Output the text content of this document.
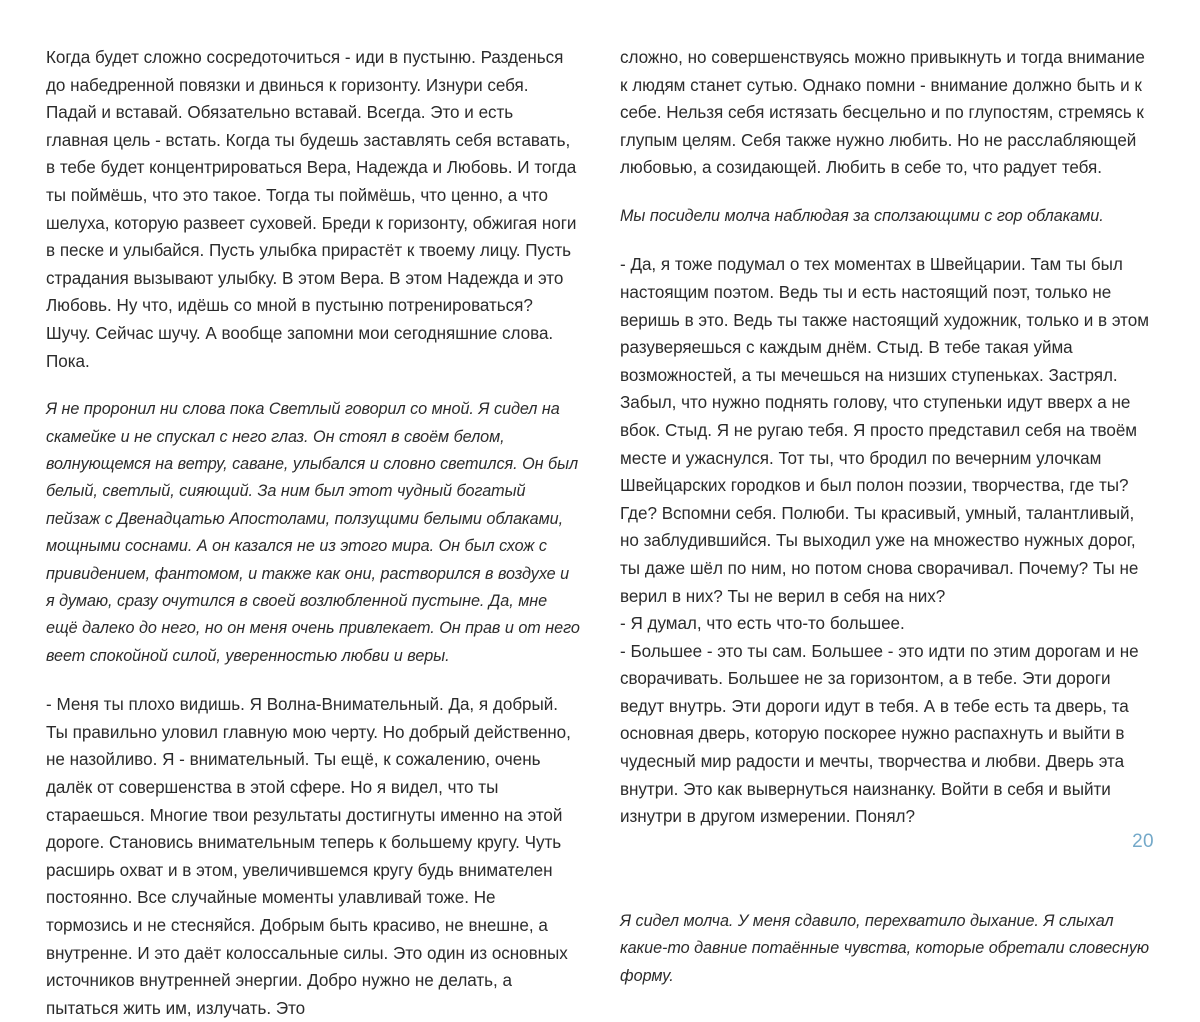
Когда будет сложно сосредоточиться - иди в пустыню. Разденься до набедренной повязки и двинься к горизонту. Изнури себя. Падай и вставай. Обязательно вставай. Всегда. Это и есть главная цель - встать. Когда ты будешь заставлять себя вставать, в тебе будет концентрироваться Вера, Надежда и Любовь. И тогда ты поймёшь, что это такое. Тогда ты поймёшь, что ценно, а что шелуха, которую развеет суховей. Бреди к горизонту, обжигая ноги в песке и улыбайся. Пусть улыбка прирастёт к твоему лицу. Пусть страдания вызывают улыбку. В этом Вера. В этом Надежда и это Любовь. Ну что, идёшь со мной в пустыню потренироваться? Шучу. Сейчас шучу. А вообще запомни мои сегодняшние слова. Пока.

Я не проронил ни слова пока Светлый говорил со мной. Я сидел на скамейке и не спускал с него глаз. Он стоял в своём белом, волнующемся на ветру, саване, улыбался и словно светился. Он был белый, светлый, сияющий. За ним был этот чудный богатый пейзаж с Двенадцатью Апостолами, ползущими белыми облаками, мощными соснами. А он казался не из этого мира. Он был схож с привидением, фантомом, и также как они, растворился в воздухе и я думаю, сразу очутился в своей возлюбленной пустыне. Да, мне ещё далеко до него, но он меня очень привлекает. Он прав и от него веет спокойной силой, уверенностью любви и веры.

- Меня ты плохо видишь. Я Волна-Внимательный. Да, я добрый. Ты правильно уловил главную мою черту. Но добрый действенно, не назойливо. Я - внимательный. Ты ещё, к сожалению, очень далёк от совершенства в этой сфере. Но я видел, что ты стараешься. Многие твои результаты достигнуты именно на этой дороге. Становись внимательным теперь к большему кругу. Чуть расширь охват и в этом, увеличившемся кругу будь внимателен постоянно. Все случайные моменты улавливай тоже. Не тормозись и не стесняйся. Добрым быть красиво, не внешне, а внутренне. И это даёт колоссальные силы. Это один из основных источников внутренней энергии. Добро нужно не делать, а пытаться жить им, излучать. Это

сложно, но совершенствуясь можно привыкнуть и тогда внимание к людям станет сутью. Однако помни - внимание должно быть и к себе. Нельзя себя истязать бесцельно и по глупостям, стремясь к глупым целям. Себя также нужно любить. Но не расслабляющей любовью, а созидающей. Любить в себе то, что радует тебя.

Мы посидели молча наблюдая за сползающими с гор облаками.

- Да, я тоже подумал о тех моментах в Швейцарии. Там ты был настоящим поэтом. Ведь ты и есть настоящий поэт, только не веришь в это. Ведь ты также настоящий художник, только и в этом разуверяешься с каждым днём. Стыд. В тебе такая уйма возможностей, а ты мечешься на низших ступеньках. Застрял. Забыл, что нужно поднять голову, что ступеньки идут вверх а не вбок. Стыд. Я не ругаю тебя. Я просто представил себя на твоём месте и ужаснулся. Тот ты, что бродил по вечерним улочкам Швейцарских городков и был полон поэзии, творчества, где ты? Где? Вспомни себя. Полюби. Ты красивый, умный, талантливый, но заблудившийся. Ты выходил уже на множество нужных дорог, ты даже шёл по ним, но потом снова сворачивал. Почему? Ты не верил в них? Ты не верил в себя на них?

- Я думал, что есть что-то большее.

- Большее - это ты сам. Большее - это идти по этим дорогам и не сворачивать. Большее не за горизонтом, а в тебе. Эти дороги ведут внутрь. Эти дороги идут в тебя. А в тебе есть та дверь, та основная дверь, которую поскорее нужно распахнуть и выйти в чудесный мир радости и мечты, творчества и любви. Дверь эта внутри. Это как вывернуться наизнанку. Войти в себя и выйти изнутри в другом измерении. Понял?

Я сидел молча. У меня сдавило, перехватило дыхание. Я слыхал какие-то давние потаённые чувства, которые обретали словесную форму.

20
